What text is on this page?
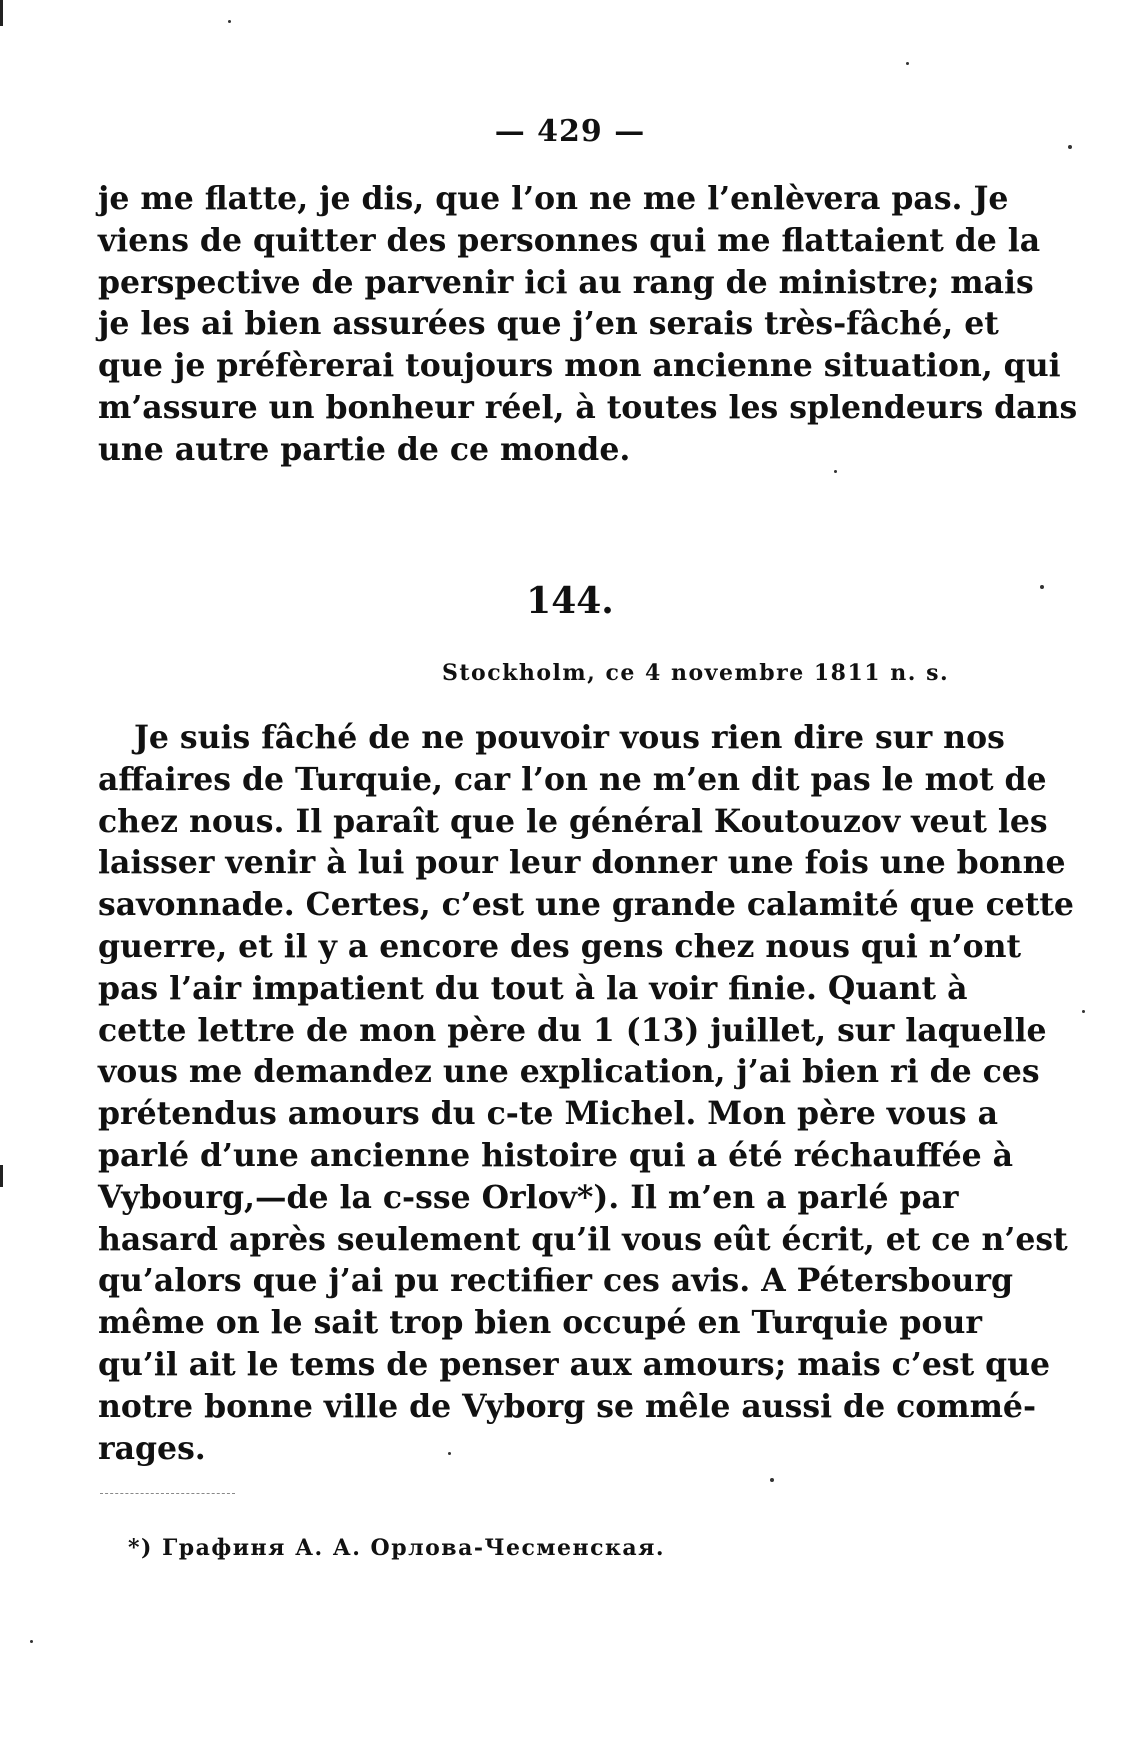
— 429 —
je me flatte, je dis, que l’on ne me l’enlèvera pas. Je
viens de quitter des personnes qui me flattaient de la
perspective de parvenir ici au rang de ministre; mais
je les ai bien assurées que j’en serais très-fâché, et
que je préfèrerai toujours mon ancienne situation, qui
m’assure un bonheur réel, à toutes les splendeurs dans
une autre partie de ce monde.
144.
Stockholm, ce 4 novembre 1811 n. s.
Je suis fâché de ne pouvoir vous rien dire sur nos
affaires de Turquie, car l’on ne m’en dit pas le mot de
chez nous. Il paraît que le général Koutouzov veut les
laisser venir à lui pour leur donner une fois une bonne
savonnade. Certes, c’est une grande calamité que cette
guerre, et il y a encore des gens chez nous qui n’ont
pas l’air impatient du tout à la voir finie. Quant à
cette lettre de mon père du 1 (13) juillet, sur laquelle
vous me demandez une explication, j’ai bien ri de ces
prétendus amours du c-te Michel. Mon père vous a
parlé d’une ancienne histoire qui a été réchauffée à
Vybourg,—de la c-sse Orlov*). Il m’en a parlé par
hasard après seulement qu’il vous eût écrit, et ce n’est
qu’alors que j’ai pu rectifier ces avis. A Pétersbourg
même on le sait trop bien occupé en Turquie pour
qu’il ait le tems de penser aux amours; mais c’est que
notre bonne ville de Vyborg se mêle aussi de commé-
rages.
*) Графиня А. А. Орлова-Чесменская.
